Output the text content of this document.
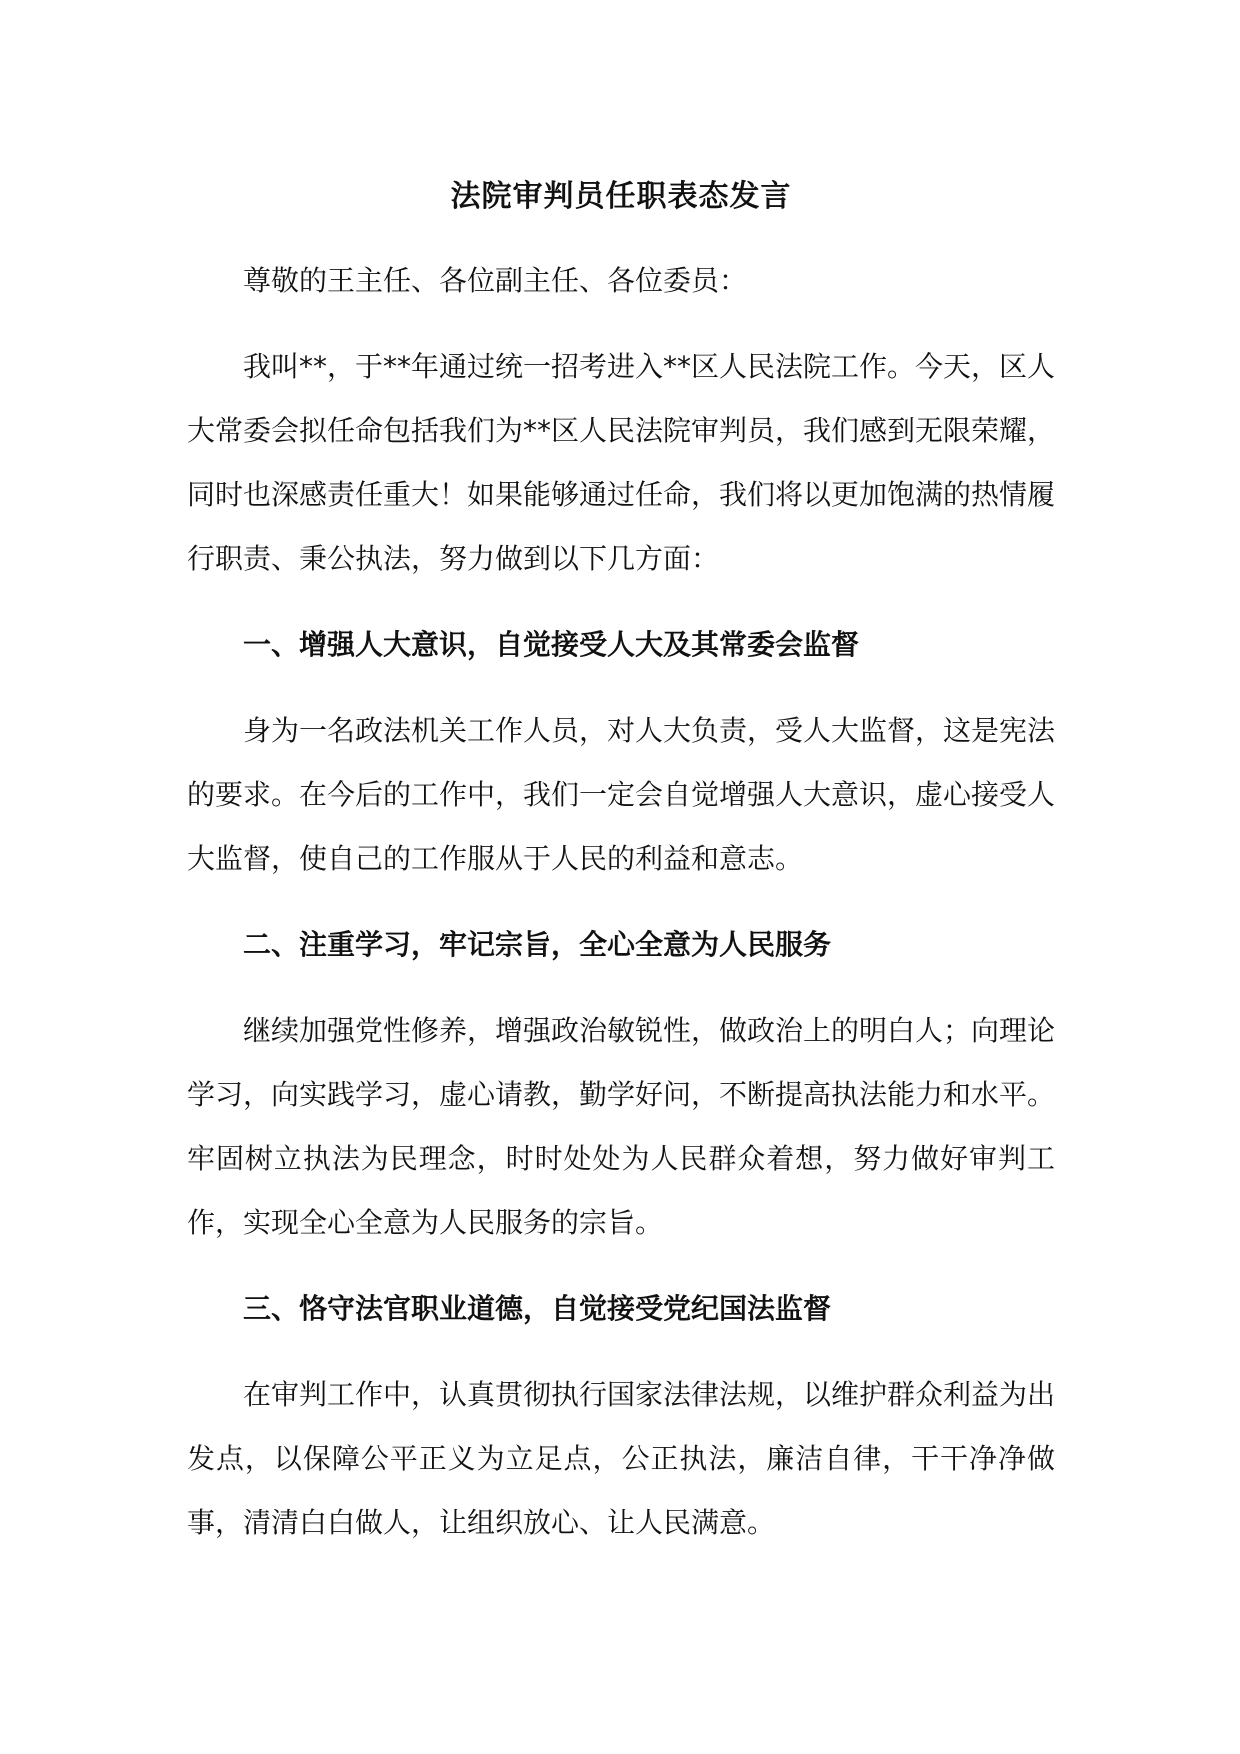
法院审判员任职表态发言

尊敬的王主任、各位副主任、各位委员：

我叫**，于**年通过统一招考进入**区人民法院工作。今天，区人大常委会拟任命包括我们为**区人民法院审判员，我们感到无限荣耀，同时也深感责任重大！如果能够通过任命，我们将以更加饱满的热情履行职责、秉公执法，努力做到以下几方面：

一、增强人大意识，自觉接受人大及其常委会监督

身为一名政法机关工作人员，对人大负责，受人大监督，这是宪法的要求。在今后的工作中，我们一定会自觉增强人大意识，虚心接受人大监督，使自己的工作服从于人民的利益和意志。

二、注重学习，牢记宗旨，全心全意为人民服务

继续加强党性修养，增强政治敏锐性，做政治上的明白人；向理论学习，向实践学习，虚心请教，勤学好问，不断提高执法能力和水平。牢固树立执法为民理念，时时处处为人民群众着想，努力做好审判工作，实现全心全意为人民服务的宗旨。

三、恪守法官职业道德，自觉接受党纪国法监督

在审判工作中，认真贯彻执行国家法律法规，以维护群众利益为出发点，以保障公平正义为立足点，公正执法，廉洁自律，干干净净做事，清清白白做人，让组织放心、让人民满意。
